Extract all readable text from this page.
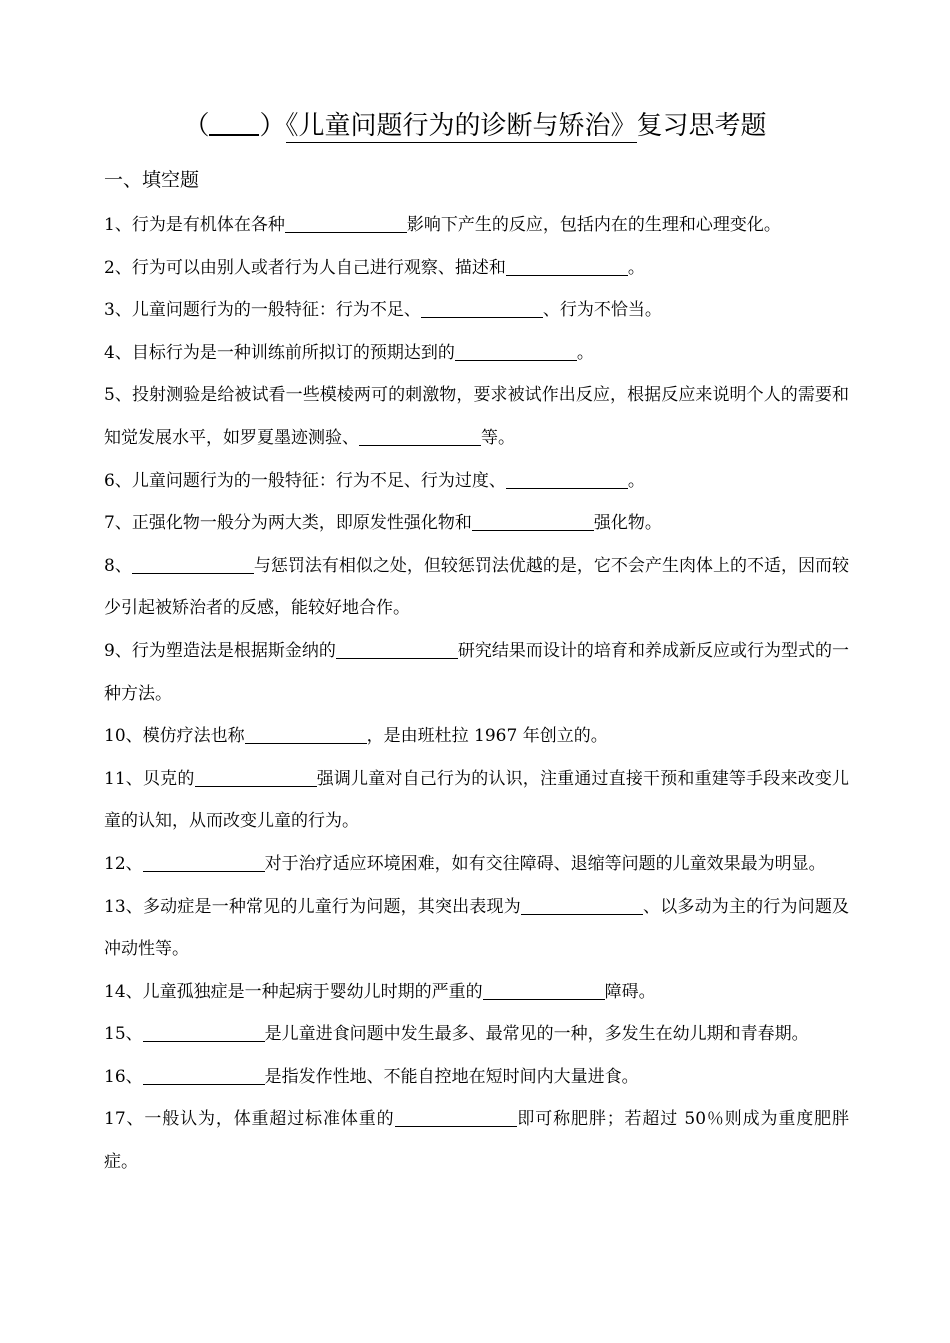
（ ）《儿童问题行为的诊断与矫治》复习思考题
一、填空题

1、行为是有机体在各种	影响下产生的反应，包括内在的生理和心理变化。

2、行为可以由别人或者行为人自己进行观察、描述和	。

3、儿童问题行为的一般特征：行为不足、	、行为不恰当。

4、目标行为是一种训练前所拟订的预期达到的	。

5、投射测验是给被试看一些模棱两可的刺激物，要求被试作出反应，根据反应来说明个人的需要和知觉发展水平，如罗夏墨迹测验、	等。

6、儿童问题行为的一般特征：行为不足、行为过度、	。

7、正强化物一般分为两大类，即原发性强化物和	强化物。

8、	与惩罚法有相似之处，但较惩罚法优越的是，它不会产生肉体上的不适，因而较少引起被矫治者的反感，能较好地合作。

9、行为塑造法是根据斯金纳的	研究结果而设计的培育和养成新反应或行为型式的一种方法。

10、模仿疗法也称	，是由班杜拉 1967 年创立的。

11、贝克的	强调儿童对自己行为的认识，注重通过直接干预和重建等手段来改变儿童的认知，从而改变儿童的行为。

12、	对于治疗适应环境困难，如有交往障碍、退缩等问题的儿童效果最为明显。

13、多动症是一种常见的儿童行为问题，其突出表现为	、以多动为主的行为问题及冲动性等。

14、儿童孤独症是一种起病于婴幼儿时期的严重的	障碍。

15、	是儿童进食问题中发生最多、最常见的一种，多发生在幼儿期和青春期。

16、	是指发作性地、不能自控地在短时间内大量进食。

17、一般认为，体重超过标准体重的	即可称肥胖；若超过 50％则成为重度肥胖症。
